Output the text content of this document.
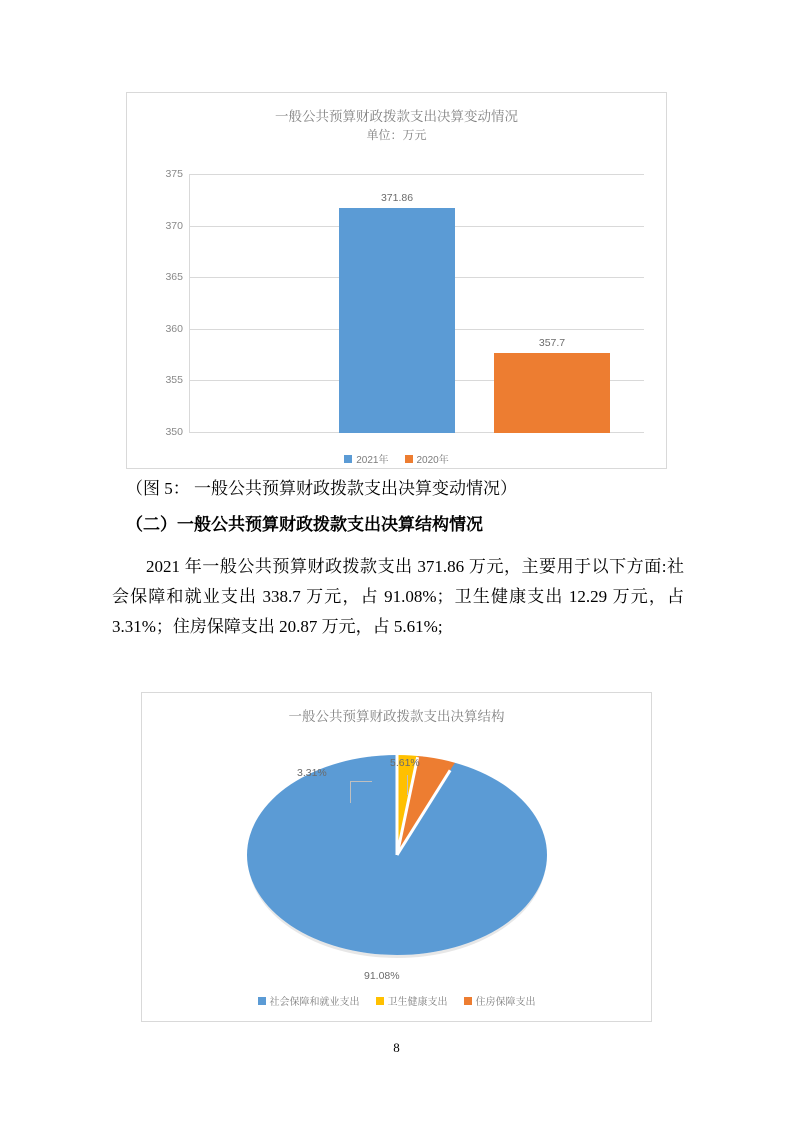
一般公共预算财政拨款支出决算变动情况
单位：万元
350
355
360
365
370
375
371.86
357.7
2021年	2020年
（图 5： 一般公共预算财政拨款支出决算变动情况）
（二）一般公共预算财政拨款支出决算结构情况
2021 年一般公共预算财政拨款支出 371.86 万元，主要用于以下方面:社会保障和就业支出 338.7 万元，占 91.08%；卫生健康支出 12.29 万元，占 3.31%；住房保障支出 20.87 万元，占 5.61%;
一般公共预算财政拨款支出决算结构
3.31%
5.61%
91.08%
社会保障和就业支出	卫生健康支出	住房保障支出
8
